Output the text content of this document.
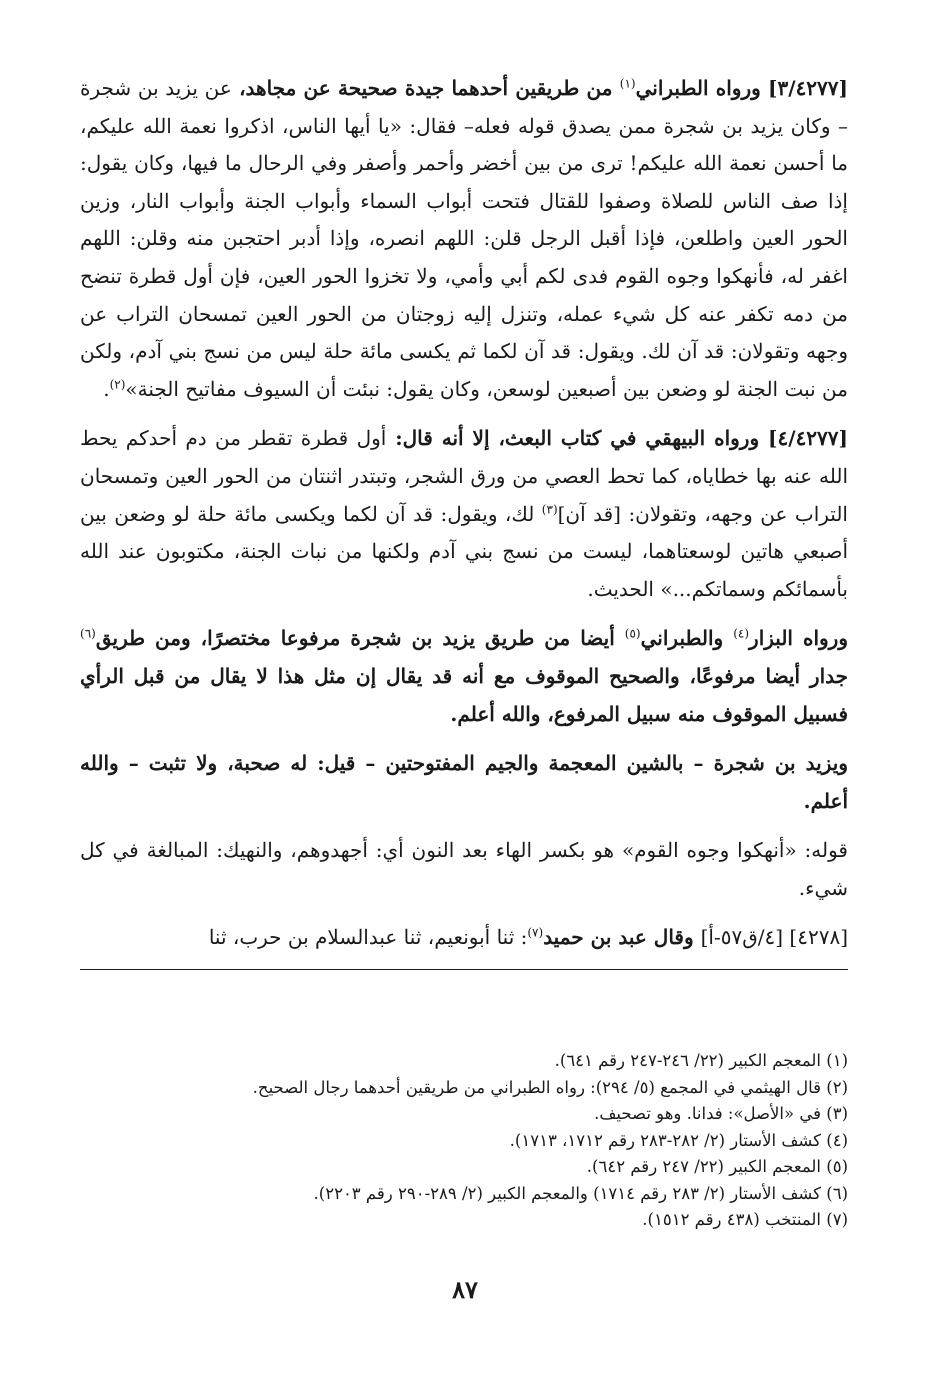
[٣/٤٢٧٧] ورواه الطبراني$^{(١)}$ من طريقين أحدهما جيدة صحيحة عن مجاهد، عن يزيد بن شجرة – وكان يزيد بن شجرة ممن يصدق قوله فعله– فقال: «يا أيها الناس، اذكروا نعمة الله عليكم، ما أحسن نعمة الله عليكم! ترى من بين أخضر وأحمر وأصفر وفي الرحال ما فيها، وكان يقول: إذا صف الناس للصلاة وصفوا للقتال فتحت أبواب السماء وأبواب الجنة وأبواب النار، وزين الحور العين واطلعن، فإذا أقبل الرجل قلن: اللهم انصره، وإذا أدبر احتجبن منه وقلن: اللهم اغفر له، فأنهكوا وجوه القوم فدى لكم أبي وأمي، ولا تخزوا الحور العين، فإن أول قطرة تنضح من دمه تكفر عنه كل شيء عمله، وتنزل إليه زوجتان من الحور العين تمسحان التراب عن وجهه وتقولان: قد آن لك. ويقول: قد آن لكما ثم يكسى مائة حلة ليس من نسج بني آدم، ولكن من نبت الجنة لو وضعن بين أصبعين لوسعن، وكان يقول: نبئت أن السيوف مفاتيح الجنة»$^{(٢)}$.

[٤/٤٢٧٧] ورواه البيهقي في كتاب البعث، إلا أنه قال: أول قطرة تقطر من دم أحدكم يحط الله عنه بها خطاياه، كما تحط العصي من ورق الشجر، وتبتدر اثنتان من الحور العين وتمسحان التراب عن وجهه، وتقولان: [قد آن]$^{(٣)}$ لك، ويقول: قد آن لكما ويكسى مائة حلة لو وضعن بين أصبعي هاتين لوسعتاهما، ليست من نسج بني آدم ولكنها من نبات الجنة، مكتوبون عند الله بأسمائكم وسماتكم...» الحديث.

ورواه البزار$^{(٤)}$ والطبراني$^{(٥)}$ أيضا من طريق يزيد بن شجرة مرفوعا مختصرًا، ومن طريق$^{(٦)}$ جدار أيضا مرفوعًا، والصحيح الموقوف مع أنه قد يقال إن مثل هذا لا يقال من قبل الرأي فسبيل الموقوف منه سبيل المرفوع، والله أعلم.

ويزيد بن شجرة – بالشين المعجمة والجيم المفتوحتين – قيل: له صحبة، ولا تثبت – والله أعلم.

قوله: «أنهكوا وجوه القوم» هو بكسر الهاء بعد النون أي: أجهدوهم، والنهيك: المبالغة في كل شيء.

[٤٢٧٨] [٤/ق٥٧-أ] وقال عبد بن حميد$^{(٧)}$: ثنا أبونعيم، ثنا عبدالسلام بن حرب، ثنا

(١) المعجم الكبير (٢٢/ ٢٤٦-٢٤٧ رقم ٦٤١).

(٢) قال الهيثمي في المجمع (٥/ ٢٩٤): رواه الطبراني من طريقين أحدهما رجال الصحيح.

(٣) في «الأصل»: فدانا. وهو تصحيف.

(٤) كشف الأستار (٢/ ٢٨٢-٢٨٣ رقم ١٧١٢، ١٧١٣).

(٥) المعجم الكبير (٢٢/ ٢٤٧ رقم ٦٤٢).

(٦) كشف الأستار (٢/ ٢٨٣ رقم ١٧١٤) والمعجم الكبير (٢/ ٢٨٩-٢٩٠ رقم ٢٢٠٣).

(٧) المنتخب (٤٣٨ رقم ١٥١٢).

٨٧
